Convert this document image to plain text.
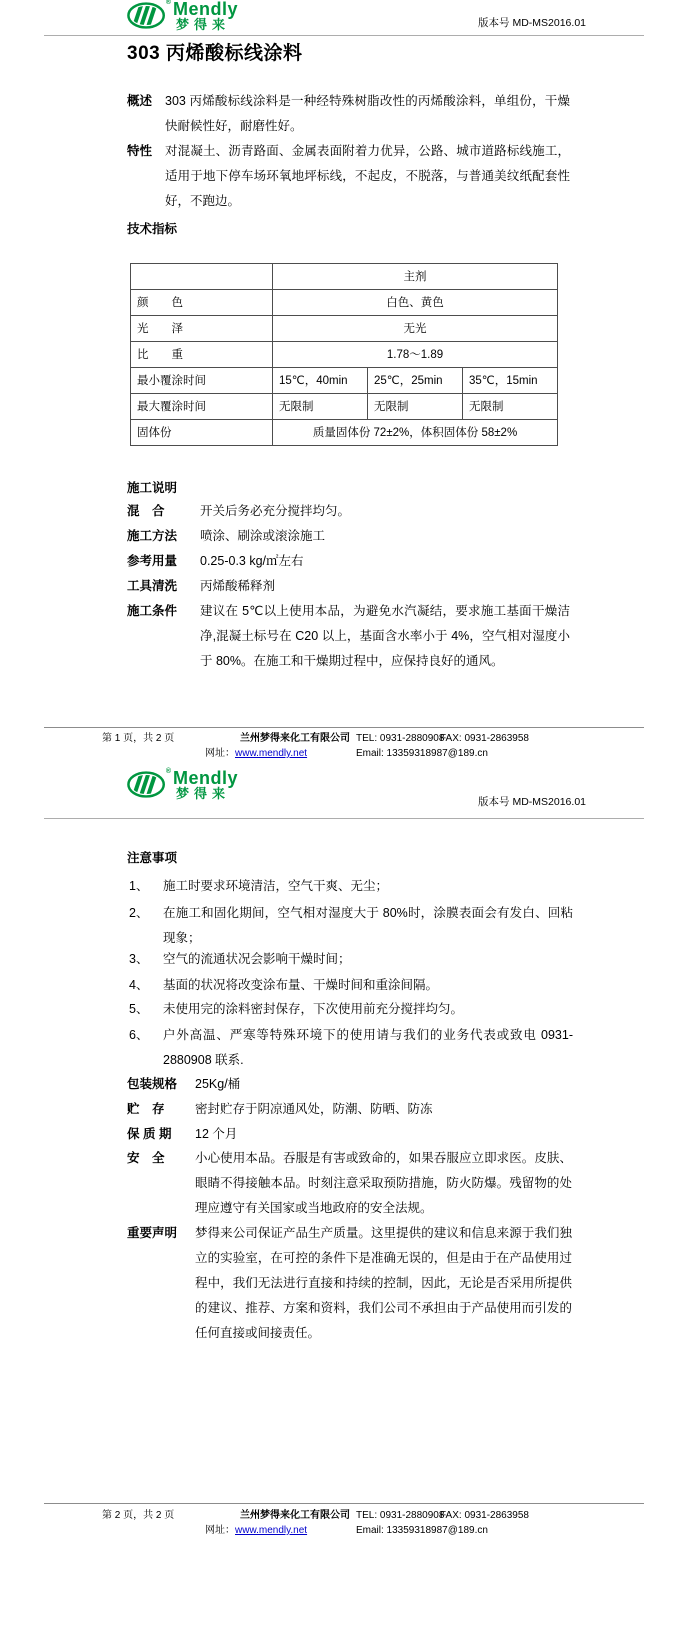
® Mendly
梦得来	版本号 MD-MS2016.01
303 丙烯酸标线涂料
概述	303 丙烯酸标线涂料是一种经特殊树脂改性的丙烯酸涂料，单组份，干燥快耐候性好，耐磨性好。
特性	对混凝土、沥青路面、金属表面附着力优异，公路、城市道路标线施工，适用于地下停车场环氧地坪标线，不起皮，不脱落，与普通美纹纸配套性好，不跑边。
技术指标
	主剂		
颜　　色	白色、黄色		
光　　泽	无光		
比　　重	1.78～1.89		
最小覆涂时间	15℃，40min	25℃，25min	35℃，15min
最大覆涂时间	无限制	无限制	无限制
固体份	质量固体份 72±2%，体积固体份 58±2%		
施工说明
混　合	开关后务必充分搅拌均匀。
施工方法	喷涂、刷涂或滚涂施工
参考用量	0.25-0.3 kg/㎡左右
工具清洗	丙烯酸稀释剂
施工条件	建议在 5℃以上使用本品，为避免水汽凝结，要求施工基面干燥洁净,混凝土标号在 C20 以上，基面含水率小于 4%，空气相对湿度小于 80%。在施工和干燥期过程中，应保持良好的通风。
第 1 页，共 2 页	兰州梦得来化工有限公司 TEL: 0931-2880908
FAX: 0931-2863958
网址：www.mendly.net	Email: 13359318987@189.cn
® Mendly
梦得来
版本号 MD-MS2016.01
注意事项
1、	施工时要求环境清洁，空气干爽、无尘；
2、	在施工和固化期间，空气相对湿度大于 80%时，涂膜表面会有发白、回粘现象；
3、	空气的流通状况会影响干燥时间；
4、	基面的状况将改变涂布量、干燥时间和重涂间隔。
5、	未使用完的涂料密封保存，下次使用前充分搅拌均匀。
6、	户外高温、严寒等特殊环境下的使用请与我们的业务代表或致电 0931-2880908 联系.
包装规格	25Kg/桶
贮　存	密封贮存于阴凉通风处，防潮、防晒、防冻
保 质 期	12 个月
安　全	小心使用本品。吞服是有害或致命的，如果吞服应立即求医。皮肤、眼睛不得接触本品。时刻注意采取预防措施，防火防爆。残留物的处理应遵守有关国家或当地政府的安全法规。
重要声明	梦得来公司保证产品生产质量。这里提供的建议和信息来源于我们独立的实验室，在可控的条件下是准确无误的，但是由于在产品使用过程中，我们无法进行直接和持续的控制，因此，无论是否采用所提供的建议、推荐、方案和资料，我们公司不承担由于产品使用而引发的任何直接或间接责任。
第 2 页，共 2 页	兰州梦得来化工有限公司 TEL: 0931-2880908
FAX: 0931-2863958
网址：www.mendly.net	Email: 13359318987@189.cn
